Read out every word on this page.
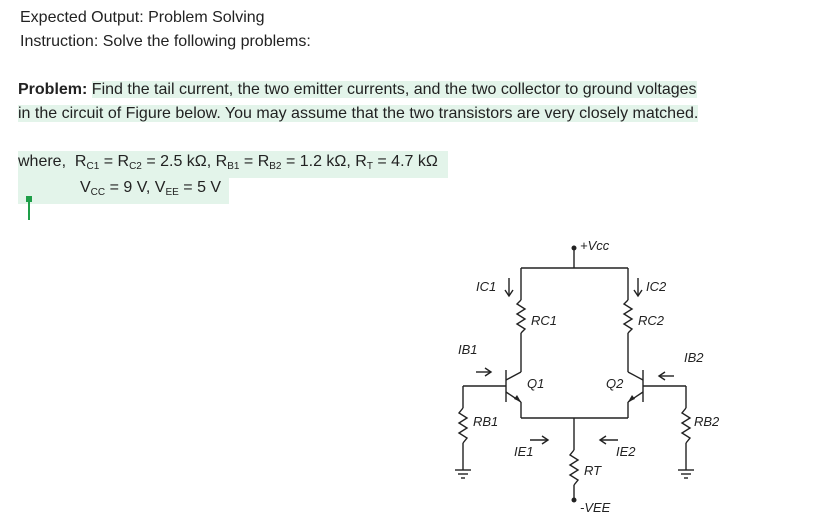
Expected Output: Problem Solving
Instruction: Solve the following problems:
Problem: Find the tail current, the two emitter currents, and the two collector to ground voltages
in the circuit of Figure below. You may assume that the two transistors are very closely matched.
where,  $R_{C1} = R_{C2} = 2.5$ kΩ, $R_{B1} = R_{B2} = 1.2$ kΩ, $R_T = 4.7$ kΩ
$V_{CC} = 9$ V, $V_{EE} = 5$ V
+Vcc
-VEE
IC1	IC2
RC1	RC2
IB1
IB2
Q1	Q2
RB1	RB2
IE1	IE2
RT
